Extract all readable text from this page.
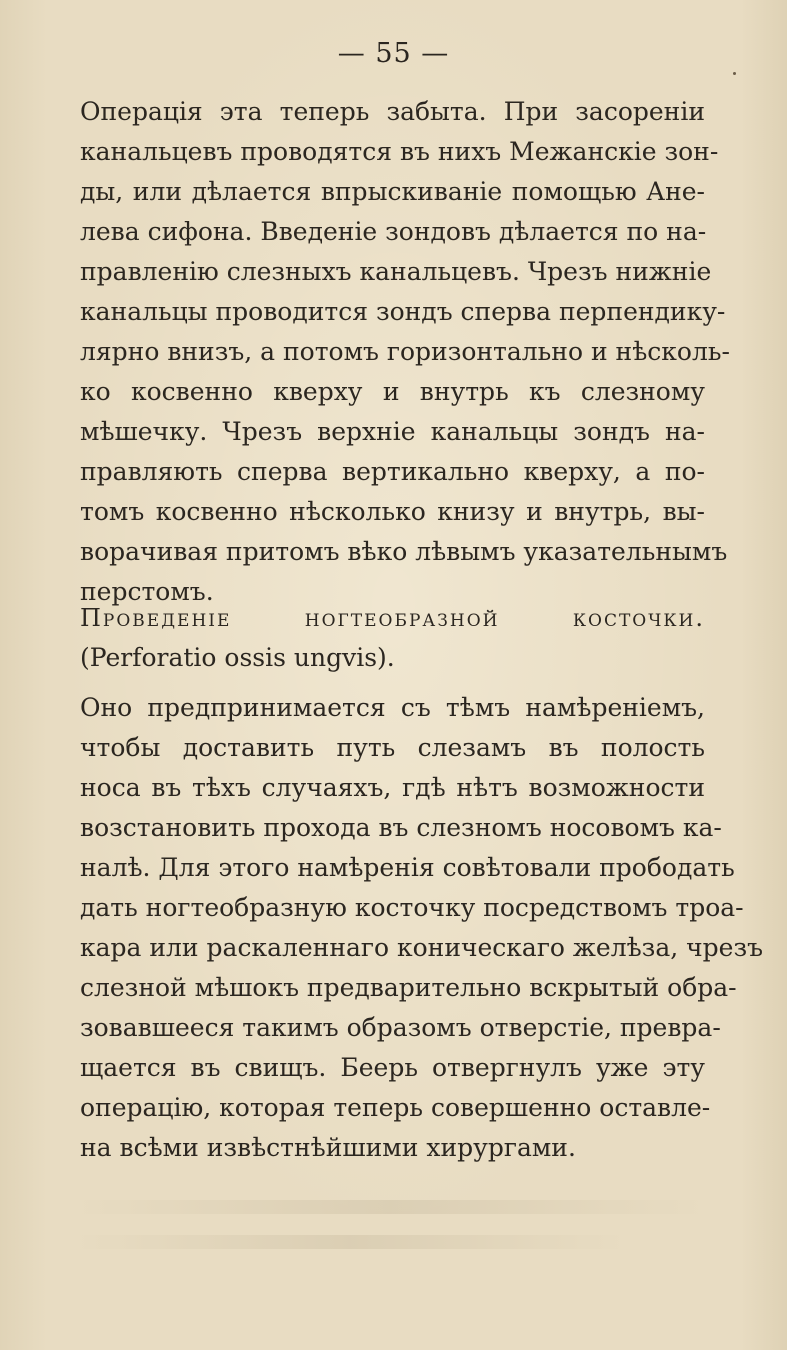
— 55 —
Операція эта теперь забыта. При засореніи
канальцевъ проводятся въ нихъ Межанскіе зон-
ды, или дѣлается впрыскиваніе помощью Ане-
лева сифона. Введеніе зондовъ дѣлается по на-
правленію слезныхъ канальцевъ. Чрезъ нижніе
канальцы проводится зондъ сперва перпендику-
лярно внизъ, а потомъ горизонтально и нѣсколь-
ко косвенно кверху и внутрь къ слезному
мѣшечку. Чрезъ верхніе канальцы зондъ на-
правляють сперва вертикально кверху, а по-
томъ косвенно нѣсколько книзу и внутрь, вы-
ворачивая притомъ вѣко лѣвымъ указательнымъ
перстомъ.
Проведеніе ногтеобразной косточки.
(Perforatio ossis ungvis).
Оно предпринимается съ тѣмъ намѣреніемъ,
чтобы доставить путь слезамъ въ полость
носа въ тѣхъ случаяхъ, гдѣ нѣтъ возможности
возстановить прохода въ слезномъ носовомъ ка-
налѣ. Для этого намѣренія совѣтовали прободать
дать ногтеобразную косточку посредствомъ троа-
кара или раскаленнаго коническаго желѣза, чрезъ
слезной мѣшокъ предварительно вскрытый обра-
зовавшееся такимъ образомъ отверстіе, превра-
щается въ свищъ. Беерь отвергнулъ уже эту
операцію, которая теперь совершенно оставле-
на всѣми извѣстнѣйшими хирургами.
